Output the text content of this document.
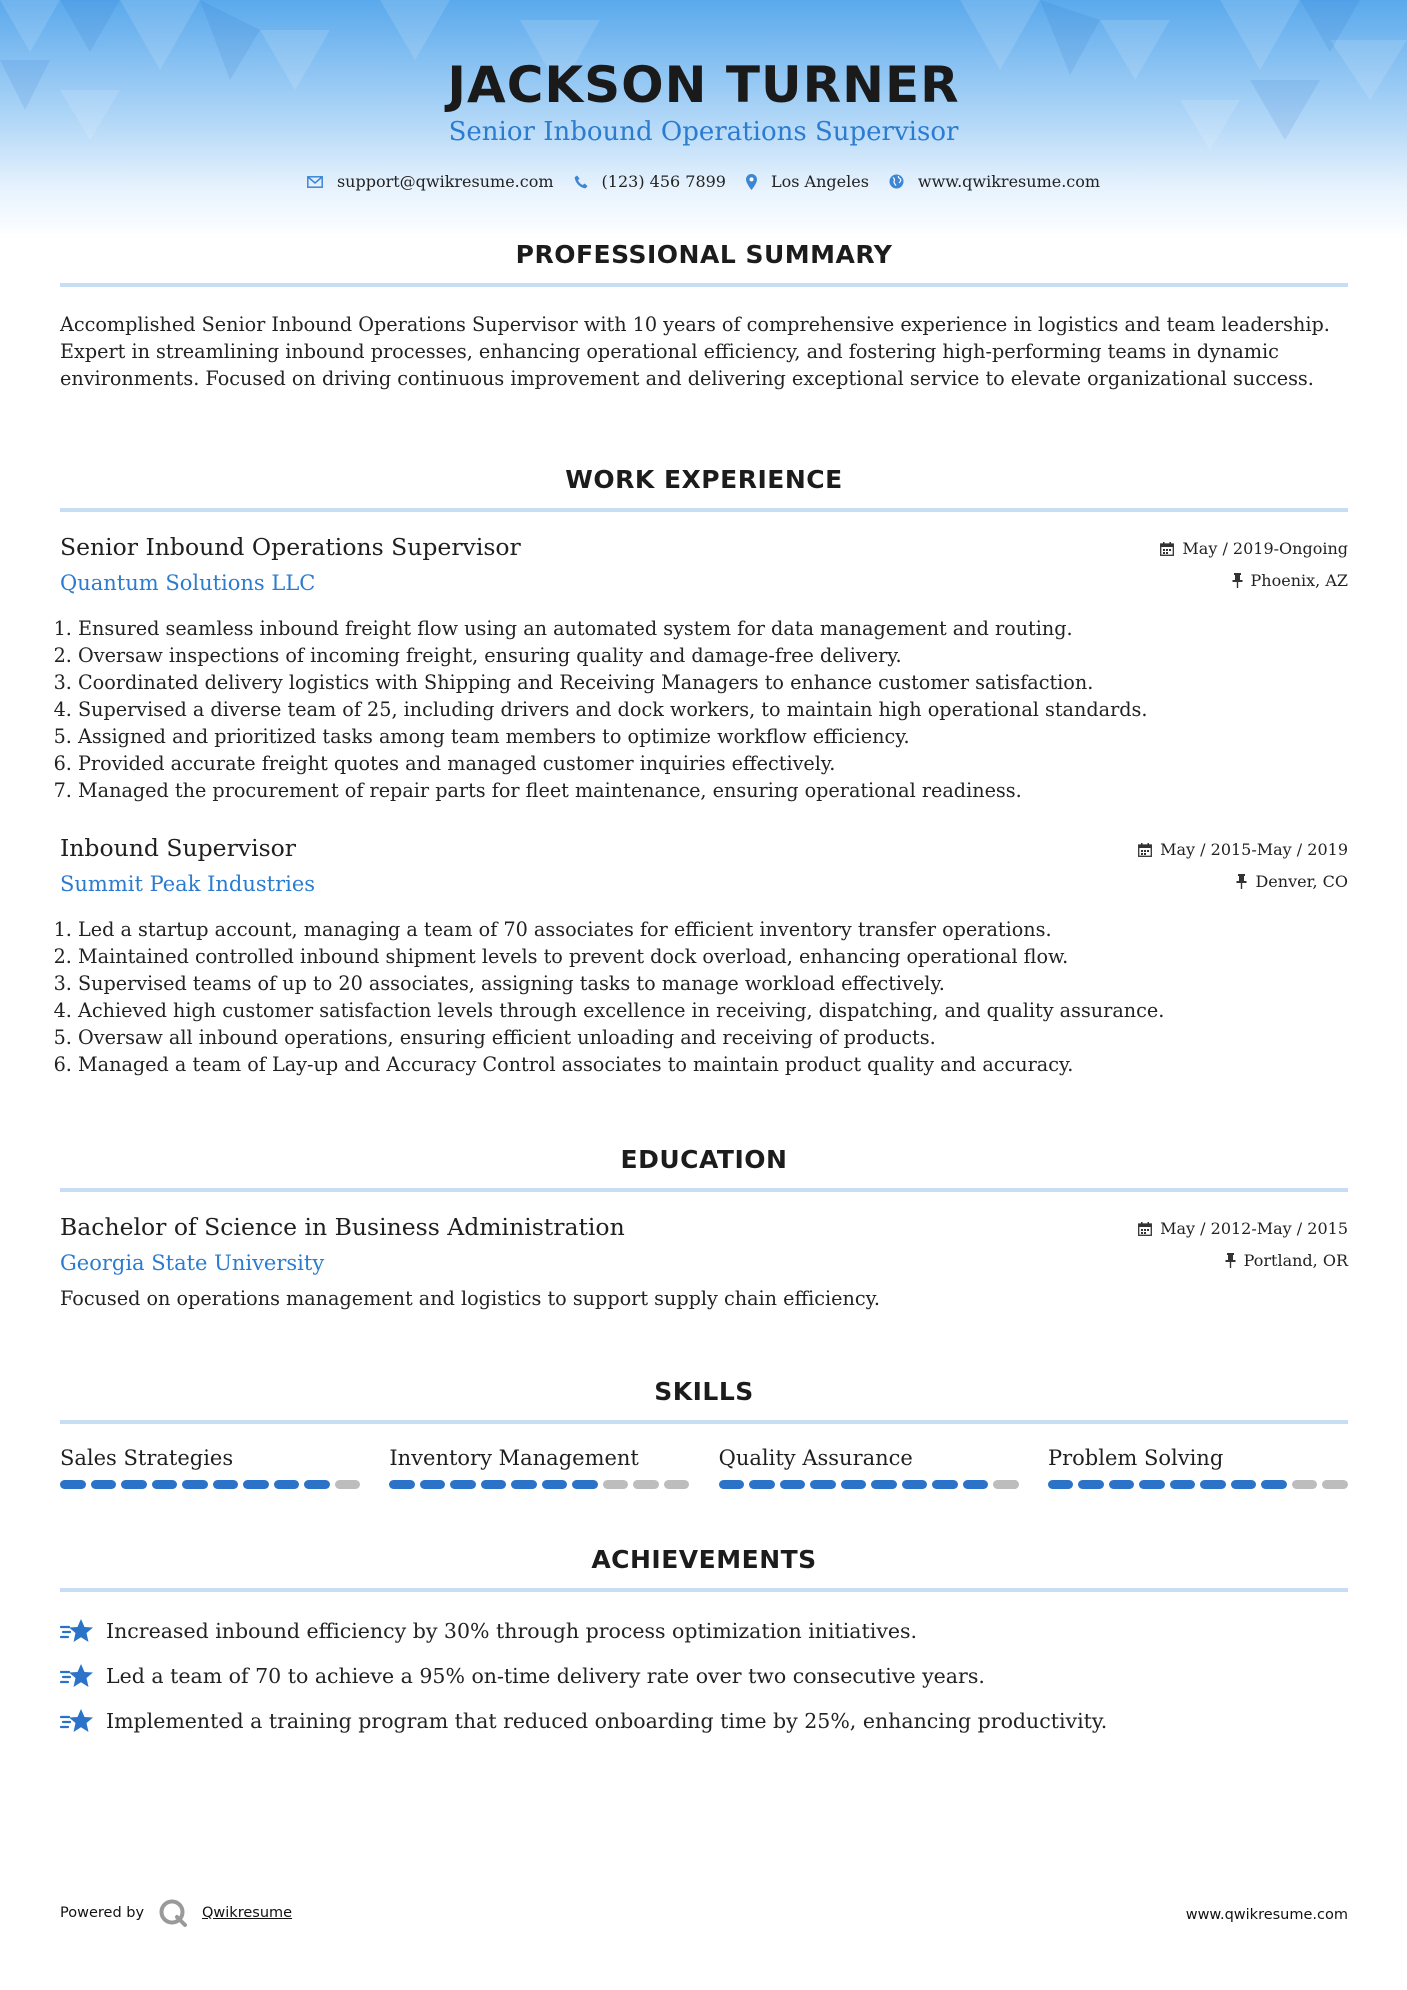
JACKSON TURNER
Senior Inbound Operations Supervisor
support@qwikresume.com	(123) 456 7899	Los Angeles	www.qwikresume.com
PROFESSIONAL SUMMARY

Accomplished Senior Inbound Operations Supervisor with 10 years of comprehensive experience in logistics and team leadership. Expert in streamlining inbound processes, enhancing operational efficiency, and fostering high-performing teams in dynamic environments. Focused on driving continuous improvement and delivering exceptional service to elevate organizational success.

WORK EXPERIENCE
Senior Inbound Operations Supervisor
Quantum Solutions LLC
May / 2019-Ongoing
Phoenix, AZ
1. Ensured seamless inbound freight flow using an automated system for data management and routing.
2. Oversaw inspections of incoming freight, ensuring quality and damage-free delivery.
3. Coordinated delivery logistics with Shipping and Receiving Managers to enhance customer satisfaction.
4. Supervised a diverse team of 25, including drivers and dock workers, to maintain high operational standards.
5. Assigned and prioritized tasks among team members to optimize workflow efficiency.
6. Provided accurate freight quotes and managed customer inquiries effectively.
7. Managed the procurement of repair parts for fleet maintenance, ensuring operational readiness.
Inbound Supervisor
Summit Peak Industries
May / 2015-May / 2019
Denver, CO
1. Led a startup account, managing a team of 70 associates for efficient inventory transfer operations.
2. Maintained controlled inbound shipment levels to prevent dock overload, enhancing operational flow.
3. Supervised teams of up to 20 associates, assigning tasks to manage workload effectively.
4. Achieved high customer satisfaction levels through excellence in receiving, dispatching, and quality assurance.
5. Oversaw all inbound operations, ensuring efficient unloading and receiving of products.
6. Managed a team of Lay-up and Accuracy Control associates to maintain product quality and accuracy.
EDUCATION
Bachelor of Science in Business Administration
Georgia State University
May / 2012-May / 2015
Portland, OR
Focused on operations management and logistics to support supply chain efficiency.
SKILLS
Sales Strategies	Inventory Management	Quality Assurance	Problem Solving
ACHIEVEMENTS
Increased inbound efficiency by 30% through process optimization initiatives.
Led a team of 70 to achieve a 95% on-time delivery rate over two consecutive years.
Implemented a training program that reduced onboarding time by 25%, enhancing productivity.
Powered by	Qwikresume	www.qwikresume.com
